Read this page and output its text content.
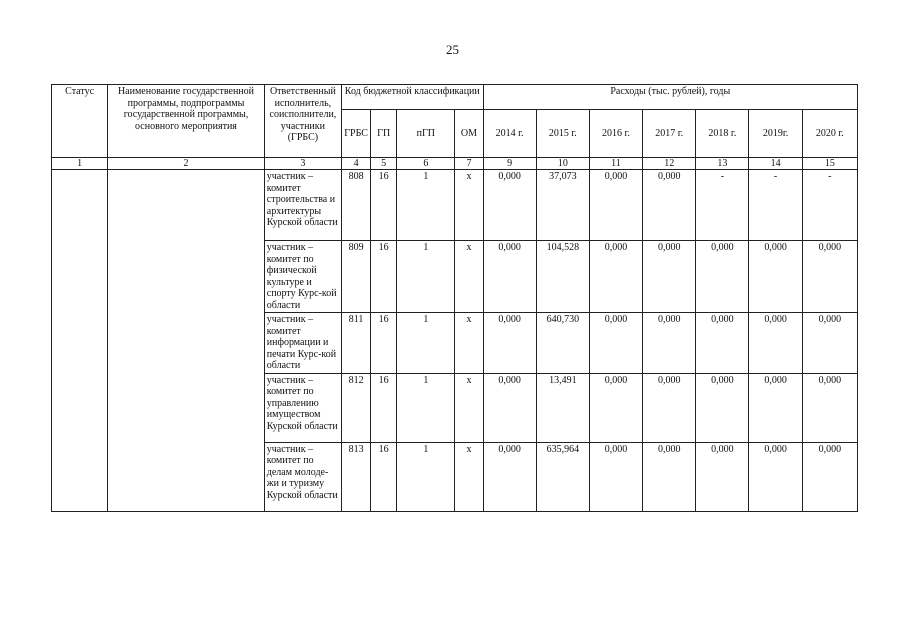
25
Статус	Наименование государственной программы, подпрограммы государственной программы, основного мероприятия	Ответственный исполнитель, соисполнители, участники (ГРБС)	Код бюджетной классификации				Расходы (тыс. рублей), годы						
			ГРБС	ГП	пГП	ОМ	2014 г.	2015 г.	2016 г.	2017 г.	2018 г.	2019г.	2020 г.
1	2	3	4	5	6	7	9	10	11	12	13	14	15
		участник – комитет строительства и архитектуры Курской области	808	16	1	х	0,000	37,073	0,000	0,000	-	-	-
		участник – комитет по физической культуре и спорту Курс-кой области	809	16	1	х	0,000	104,528	0,000	0,000	0,000	0,000	0,000
		участник – комитет информации и печати Курс-кой области	811	16	1	х	0,000	640,730	0,000	0,000	0,000	0,000	0,000
		участник – комитет по управлению имуществом Курской области	812	16	1	х	0,000	13,491	0,000	0,000	0,000	0,000	0,000
		участник – комитет по делам молоде-жи и туризму Курской области	813	16	1	х	0,000	635,964	0,000	0,000	0,000	0,000	0,000
